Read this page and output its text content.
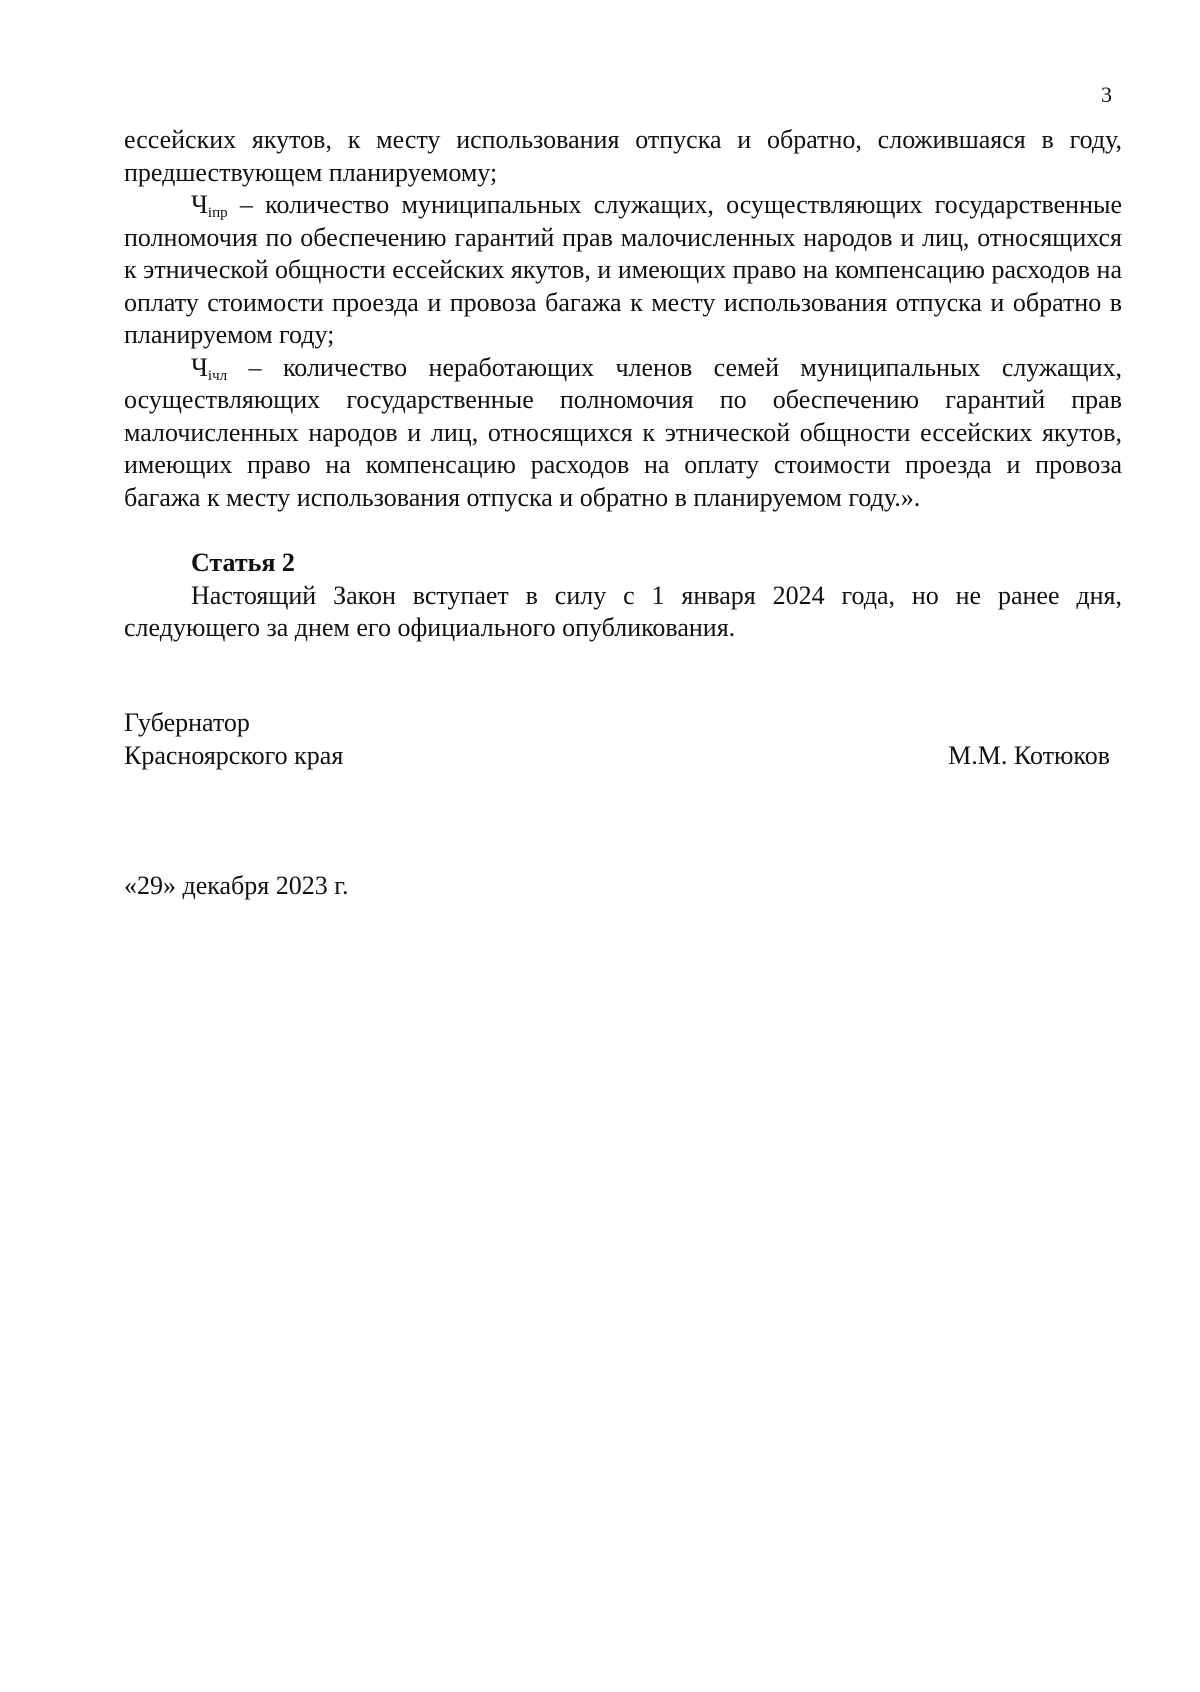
3

ессейских якутов, к месту использования отпуска и обратно, сложившаяся в году, предшествующем планируемому;

$Ч_{iпр}$ – количество муниципальных служащих, осуществляющих государственные полномочия по обеспечению гарантий прав малочисленных народов и лиц, относящихся к этнической общности ессейских якутов, и имеющих право на компенсацию расходов на оплату стоимости проезда и провоза багажа к месту использования отпуска и обратно в планируемом году;

$Ч_{iчл}$ – количество неработающих членов семей муниципальных служащих, осуществляющих государственные полномочия по обеспечению гарантий прав малочисленных народов и лиц, относящихся к этнической общности ессейских якутов, имеющих право на компенсацию расходов на оплату стоимости проезда и провоза багажа к месту использования отпуска и обратно в планируемом году.».

Статья 2

Настоящий Закон вступает в силу с 1 января 2024 года, но не ранее дня, следующего за днем его официального опубликования.

Губернатор
Красноярского края	М.М. Котюков
«29» декабря 2023 г.
